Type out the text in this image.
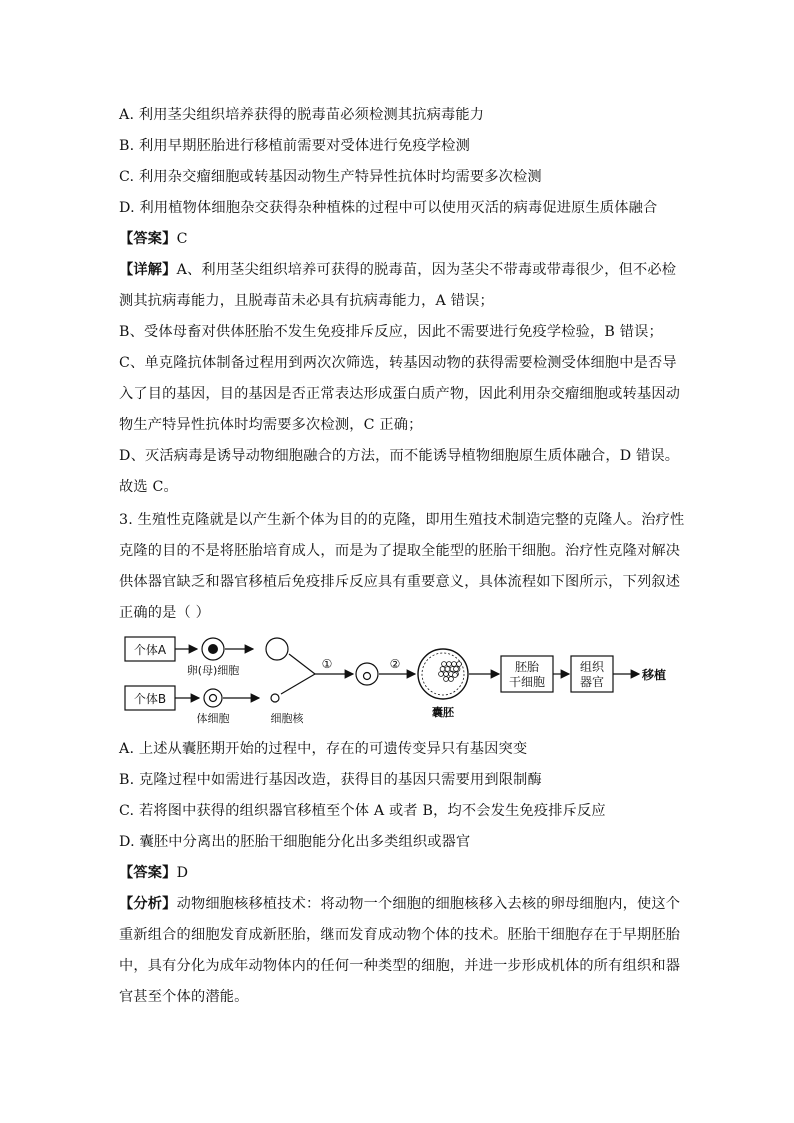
A. 利用茎尖组织培养获得的脱毒苗必须检测其抗病毒能力
B. 利用早期胚胎进行移植前需要对受体进行免疫学检测
C. 利用杂交瘤细胞或转基因动物生产特异性抗体时均需要多次检测
D. 利用植物体细胞杂交获得杂种植株的过程中可以使用灭活的病毒促进原生质体融合
【答案】C
【详解】A、利用茎尖组织培养可获得的脱毒苗，因为茎尖不带毒或带毒很少，但不必检
测其抗病毒能力，且脱毒苗未必具有抗病毒能力，A 错误；
B、受体母畜对供体胚胎不发生免疫排斥反应，因此不需要进行免疫学检验，B 错误；
C、单克隆抗体制备过程用到两次次筛选，转基因动物的获得需要检测受体细胞中是否导
入了目的基因，目的基因是否正常表达形成蛋白质产物，因此利用杂交瘤细胞或转基因动
物生产特异性抗体时均需要多次检测，C 正确；
D、灭活病毒是诱导动物细胞融合的方法，而不能诱导植物细胞原生质体融合，D 错误。
故选 C。
3. 生殖性克隆就是以产生新个体为目的的克隆，即用生殖技术制造完整的克隆人。治疗性
克隆的目的不是将胚胎培育成人，而是为了提取全能型的胚胎干细胞。治疗性克隆对解决
供体器官缺乏和器官移植后免疫排斥反应具有重要意义，具体流程如下图所示，下列叙述
正确的是（ ）
个体A
卵(母)细胞
个体B
体细胞	细胞核
①	②
囊胚
胚胎
干细胞
组织
器官	移植
A. 上述从囊胚期开始的过程中，存在的可遗传变异只有基因突变
B. 克隆过程中如需进行基因改造，获得目的基因只需要用到限制酶
C. 若将图中获得的组织器官移植至个体 A 或者 B，均不会发生免疫排斥反应
D. 囊胚中分离出的胚胎干细胞能分化出多类组织或器官
【答案】D
【分析】动物细胞核移植技术：将动物一个细胞的细胞核移入去核的卵母细胞内，使这个
重新组合的细胞发育成新胚胎，继而发育成动物个体的技术。胚胎干细胞存在于早期胚胎
中，具有分化为成年动物体内的任何一种类型的细胞，并进一步形成机体的所有组织和器
官甚至个体的潜能。
